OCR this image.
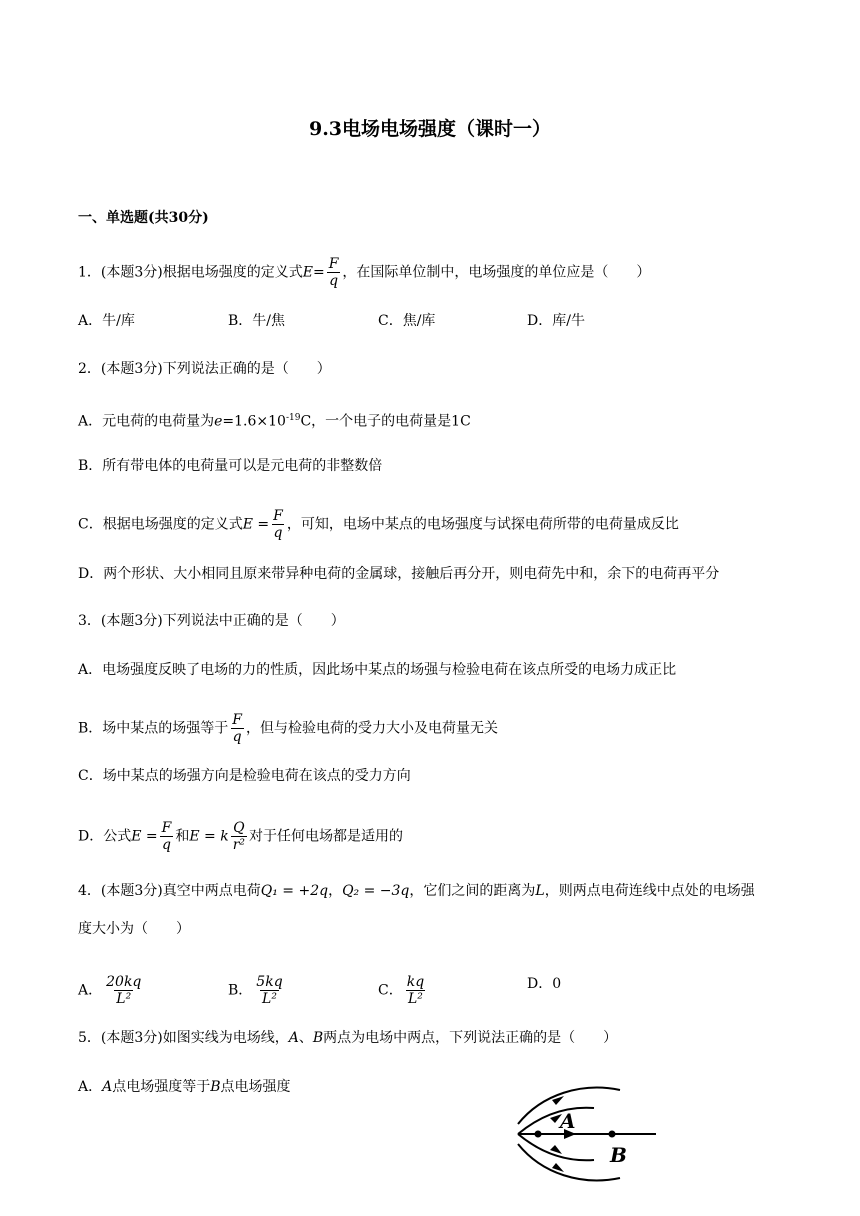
9.3电场电场强度（课时一）
一、单选题(共30分)
1．(本题3分)根据电场强度的定义式$E= \frac{F}{q}$ ，在国际单位制中，电场强度的单位应是（　　）
A．牛/库	B．牛/焦	C．焦/库	D．库/牛
2．(本题3分)下列说法正确的是（　　）
A．元电荷的电荷量为$e=1.6\times 10^{-19}C$，一个电子的电荷量是1C
B．所有带电体的电荷量可以是元电荷的非整数倍
C．根据电场强度的定义式$E = \frac{F}{q}$ ，可知，电场中某点的电场强度与试探电荷所带的电荷量成反比
D．两个形状、大小相同且原来带异种电荷的金属球，接触后再分开，则电荷先中和，余下的电荷再平分
3．(本题3分)下列说法中正确的是（　　）
A．电场强度反映了电场的力的性质，因此场中某点的场强与检验电荷在该点所受的电场力成正比
B．场中某点的场强等于 $\frac{F}{q}$ ，但与检验电荷的受力大小及电荷量无关
C．场中某点的场强方向是检验电荷在该点的受力方向
D．公式$E = \frac{F}{q}$ 和E = k $\frac{Q}{\text{r²}}$ 对于任何电场都是适用的
4．(本题3分)真空中两点电荷Q₁ = +2q，Q₂ = −3q，它们之间的距离为L，则两点电荷连线中点处的电场强
度大小为（　　）
A． $\frac{20kq}{\text{L²}}$	B． $\frac{5kq}{\text{L²}}$	C． $\frac{kq}{\text{L²}}$	D．0
5．(本题3分)如图实线为电场线，A、B两点为电场中两点，下列说法正确的是（　　）
A．A点电场强度等于B点电场强度
A
B
